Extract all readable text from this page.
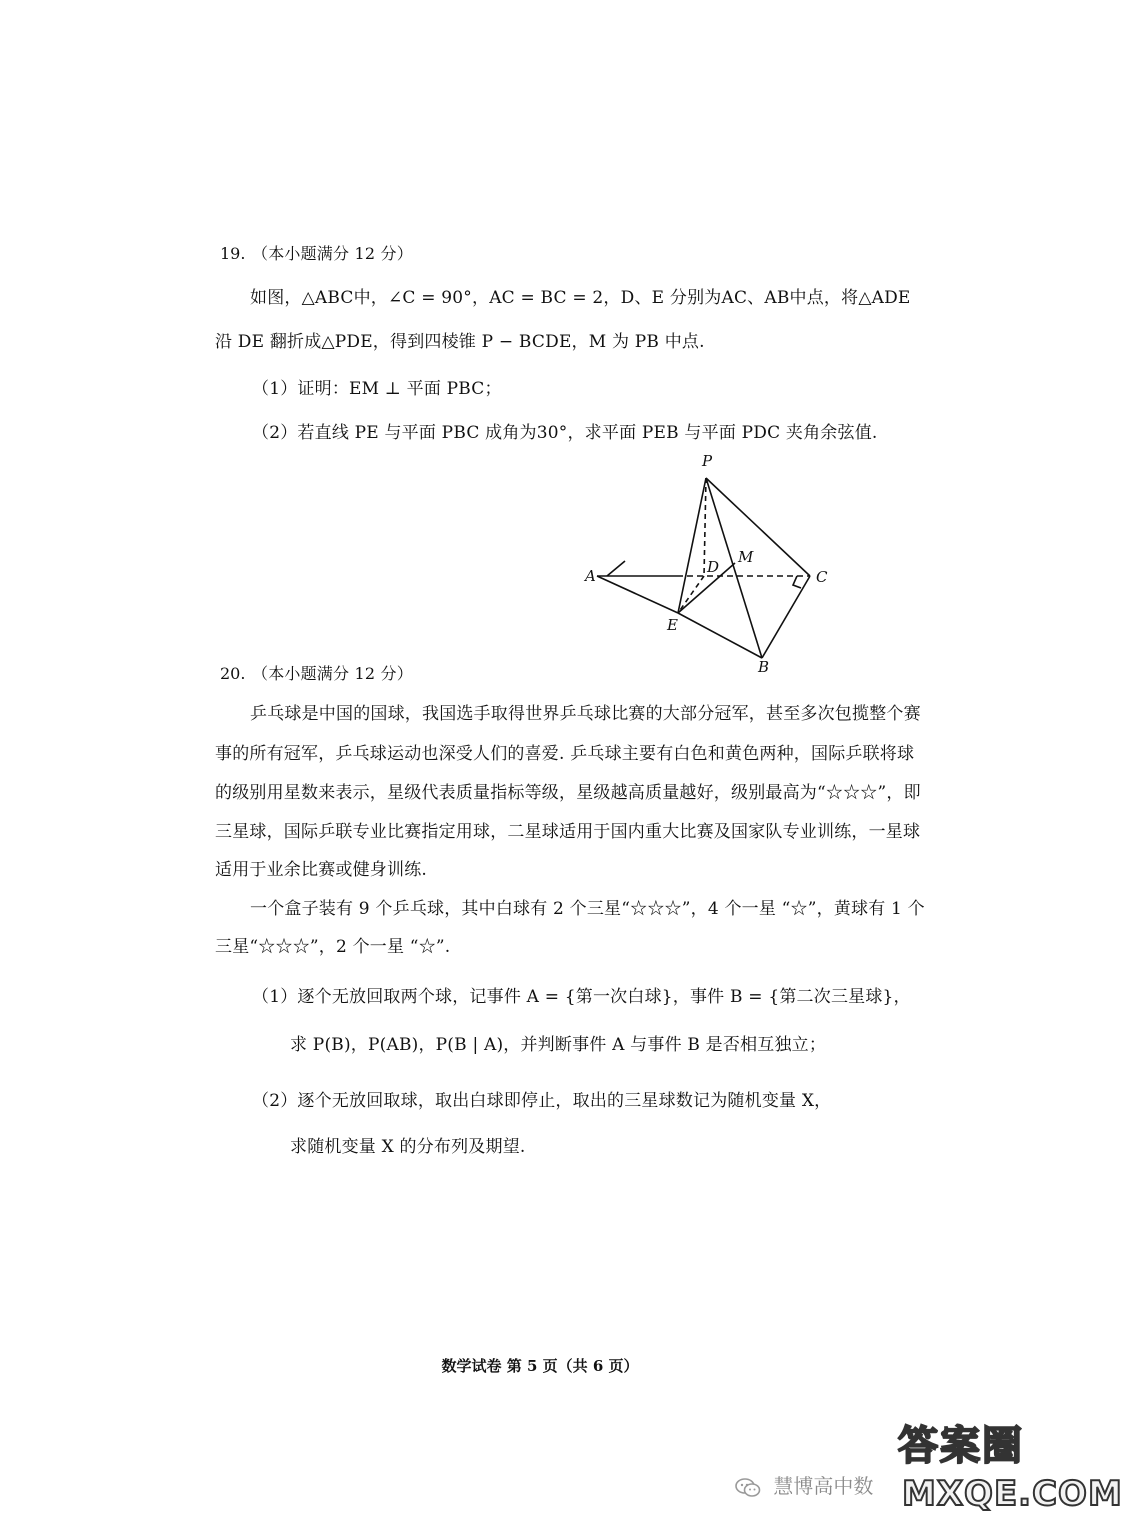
19. （本小题满分 12 分）
如图，△ABC中，∠C = 90°，AC = BC = 2，D、E 分别为AC、AB中点，将△ADE
沿 DE 翻折成△PDE，得到四棱锥 P − BCDE，M 为 PB 中点.
（1）证明：EM ⊥ 平面 PBC；
（2）若直线 PE 与平面 PBC 成角为30°，求平面 PEB 与平面 PDC 夹角余弦值.
P
A	D
M
C
E
B
20. （本小题满分 12 分）
乒乓球是中国的国球，我国选手取得世界乒乓球比赛的大部分冠军，甚至多次包揽整个赛
事的所有冠军，乒乓球运动也深受人们的喜爱. 乒乓球主要有白色和黄色两种，国际乒联将球
的级别用星数来表示，星级代表质量指标等级，星级越高质量越好，级别最高为“☆☆☆”，即
三星球，国际乒联专业比赛指定用球，二星球适用于国内重大比赛及国家队专业训练，一星球
适用于业余比赛或健身训练.
一个盒子装有 9 个乒乓球，其中白球有 2 个三星“☆☆☆”，4 个一星 “☆”，黄球有 1 个
三星“☆☆☆”，2 个一星 “☆”.
（1）逐个无放回取两个球，记事件 A = {第一次白球}，事件 B = {第二次三星球}，
求 P(B)，P(AB)，P(B | A)，并判断事件 A 与事件 B 是否相互独立；
（2）逐个无放回取球，取出白球即停止，取出的三星球数记为随机变量 X，
求随机变量 X 的分布列及期望.
数学试卷 第 5 页（共 6 页）
慧博高中数
答案圈
MXQE.COM
